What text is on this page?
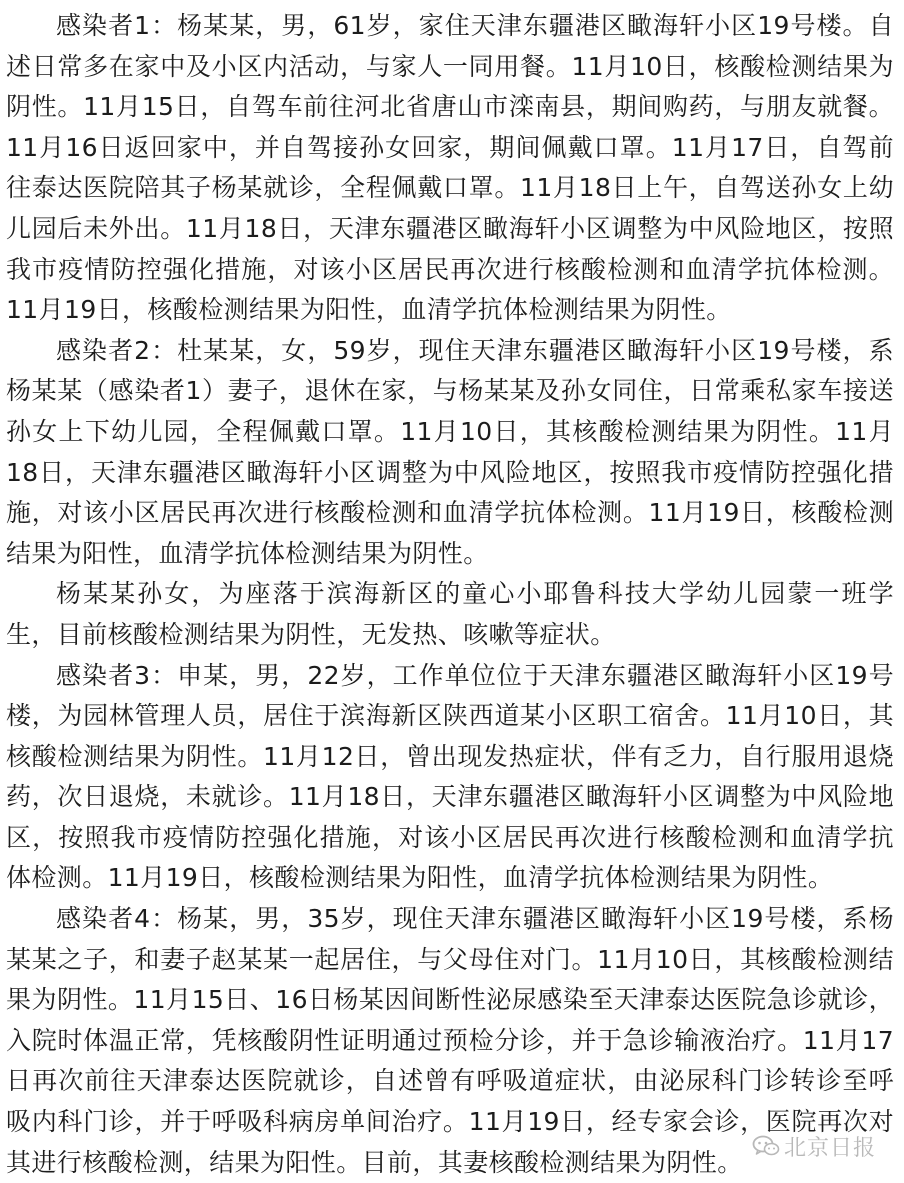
感染者1：杨某某，男，61岁，家住天津东疆港区瞰海轩小区19号楼。自述日常多在家中及小区内活动，与家人一同用餐。11月10日，核酸检测结果为阴性。11月15日，自驾车前往河北省唐山市滦南县，期间购药，与朋友就餐。11月16日返回家中，并自驾接孙女回家，期间佩戴口罩。11月17日，自驾前往泰达医院陪其子杨某就诊，全程佩戴口罩。11月18日上午，自驾送孙女上幼儿园后未外出。11月18日，天津东疆港区瞰海轩小区调整为中风险地区，按照我市疫情防控强化措施，对该小区居民再次进行核酸检测和血清学抗体检测。11月19日，核酸检测结果为阳性，血清学抗体检测结果为阴性。

感染者2：杜某某，女，59岁，现住天津东疆港区瞰海轩小区19号楼，系杨某某（感染者1）妻子，退休在家，与杨某某及孙女同住，日常乘私家车接送孙女上下幼儿园，全程佩戴口罩。11月10日，其核酸检测结果为阴性。11月18日，天津东疆港区瞰海轩小区调整为中风险地区，按照我市疫情防控强化措施，对该小区居民再次进行核酸检测和血清学抗体检测。11月19日，核酸检测结果为阳性，血清学抗体检测结果为阴性。

杨某某孙女，为座落于滨海新区的童心小耶鲁科技大学幼儿园蒙一班学生，目前核酸检测结果为阴性，无发热、咳嗽等症状。

感染者3：申某，男，22岁，工作单位位于天津东疆港区瞰海轩小区19号楼，为园林管理人员，居住于滨海新区陕西道某小区职工宿舍。11月10日，其核酸检测结果为阴性。11月12日，曾出现发热症状，伴有乏力，自行服用退烧药，次日退烧，未就诊。11月18日，天津东疆港区瞰海轩小区调整为中风险地区，按照我市疫情防控强化措施，对该小区居民再次进行核酸检测和血清学抗体检测。11月19日，核酸检测结果为阳性，血清学抗体检测结果为阴性。

感染者4：杨某，男，35岁，现住天津东疆港区瞰海轩小区19号楼，系杨某某之子，和妻子赵某某一起居住，与父母住对门。11月10日，其核酸检测结果为阴性。11月15日、16日杨某因间断性泌尿感染至天津泰达医院急诊就诊，入院时体温正常，凭核酸阴性证明通过预检分诊，并于急诊输液治疗。11月17日再次前往天津泰达医院就诊，自述曾有呼吸道症状，由泌尿科门诊转诊至呼吸内科门诊，并于呼吸科病房单间治疗。11月19日，经专家会诊，医院再次对其进行核酸检测，结果为阳性。目前，其妻核酸检测结果为阴性。	北京日报
